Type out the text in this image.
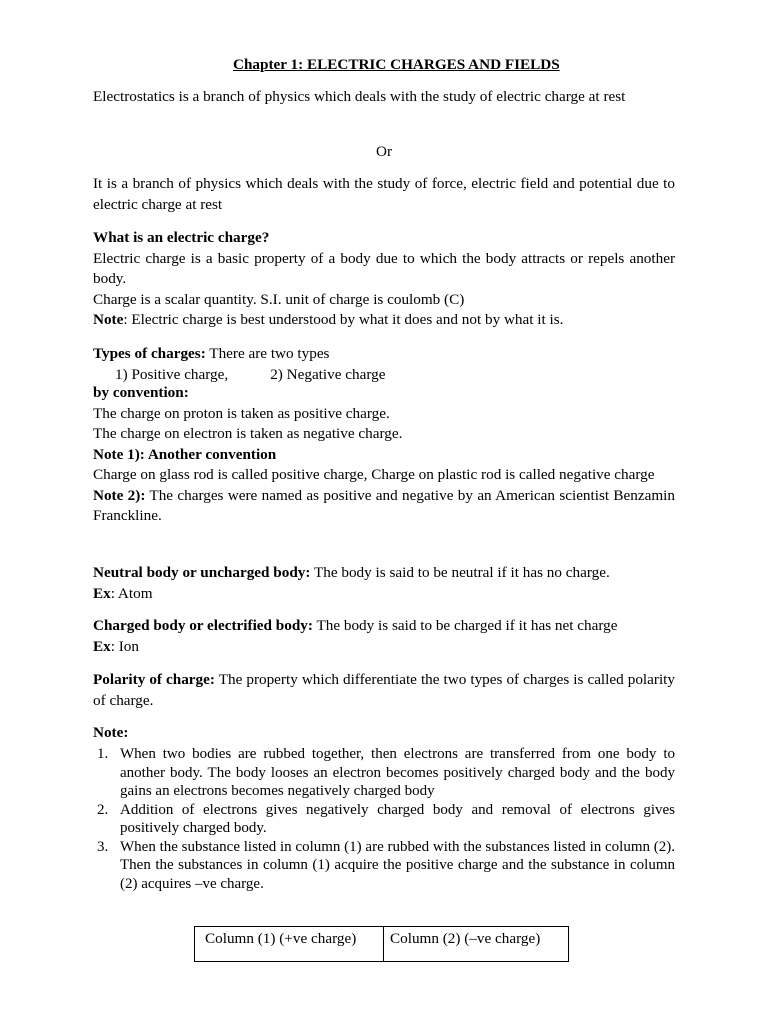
Chapter 1: ELECTRIC CHARGES AND FIELDS
Electrostatics is a branch of physics which deals with the study of electric charge at rest
Or
It is a branch of physics which deals with the study of force, electric field and potential due to electric charge at rest
What is an electric charge?
Electric charge is a basic property of a body due to which the body attracts or repels another body.
Charge is a scalar quantity. S.I. unit of charge is coulomb (C)
Note: Electric charge is best understood by what it does and not by what it is.
Types of charges: There are two types
1) Positive charge,	2) Negative charge
by convention:
The charge on proton is taken as positive charge.
The charge on electron is taken as negative charge.
Note 1): Another convention
Charge on glass rod is called positive charge, Charge on plastic rod is called negative charge
Note 2): The charges were named as positive and negative by an American scientist Benzamin Franckline.
Neutral body or uncharged body: The body is said to be neutral if it has no charge.
Ex: Atom
Charged body or electrified body: The body is said to be charged if it has net charge
Ex: Ion
Polarity of charge: The property which differentiate the two types of charges is called polarity of charge.
Note:
1. When two bodies are rubbed together, then electrons are transferred from one body to another body. The body looses an electron becomes positively charged body and the body gains an electrons becomes negatively charged body
2. Addition of electrons gives negatively charged body and removal of electrons gives positively charged body.
3. When the substance listed in column (1) are rubbed with the substances listed in column (2). Then the substances in column (1) acquire the positive charge and the substance in column (2) acquires –ve charge.
Column (1) (+ve charge)	Column (2) (–ve charge)
